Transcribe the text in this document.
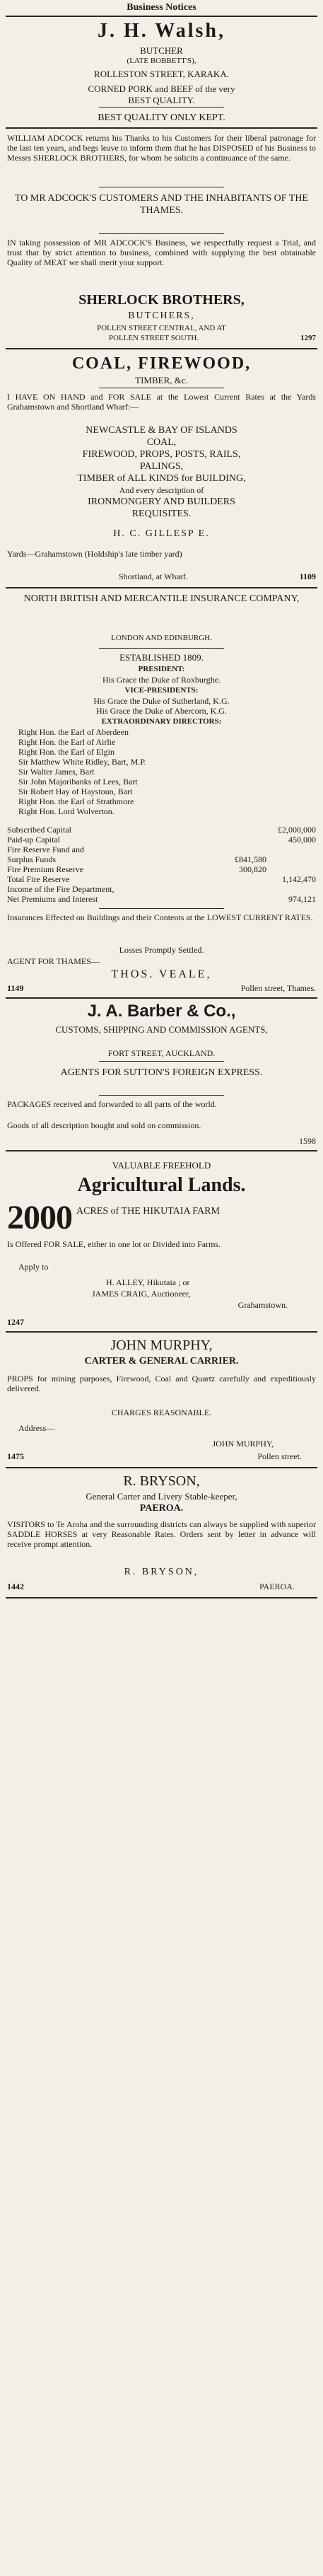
Business Notices
J. H. Walsh,
BUTCHER
(LATE BOBBETT'S),
ROLLESTON STREET, KARAKA.
CORNED PORK and BEEF of the very
BEST QUALITY.
BEST QUALITY ONLY KEPT.
WILLIAM ADCOCK returns his Thanks to his Customers for their liberal patronage for the last ten years, and begs leave to inform them that he has DISPOSED of his Business to Messrs SHERLOCK BROTHERS, for whom he solicits a continuance of the same.
TO MR ADCOCK'S CUSTOMERS AND THE INHABITANTS OF THE THAMES.
IN taking possession of MR ADCOCK'S Business, we respectfully request a Trial, and trust that by strict attention to business, combined with supplying the best obtainable Quality of MEAT we shall merit your support.
SHERLOCK BROTHERS,
BUTCHERS,
POLLEN STREET CENTRAL, AND AT
POLLEN STREET SOUTH.	1297
COAL, FIREWOOD,
TIMBER, &c.
I HAVE ON HAND and FOR SALE at the Lowest Current Rates at the Yards Grahamstown and Shortland Wharf:—
NEWCASTLE & BAY OF ISLANDS
COAL,
FIREWOOD, PROPS, POSTS, RAILS,
PALINGS,
TIMBER of ALL KINDS for BUILDING,
And every description of
IRONMONGERY AND BUILDERS
REQUISITES.
H. C. GILLESP E.
Yards—Grahamstown (Holdship's late timber yard)
Shortland, at Wharf.	1109
NORTH BRITISH AND MERCANTILE INSURANCE COMPANY,
LONDON AND EDINBURGH.
ESTABLISHED 1809.
PRESIDENT:
His Grace the Duke of Roxburghe.
VICE-PRESIDENTS:
His Grace the Duke of Sutherland, K.G.
His Grace the Duke of Abercorn, K.G.
EXTRAORDINARY DIRECTORS:
Right Hon. the Earl of Aberdeen
Right Hon. the Earl of Airlie
Right Hon. the Earl of Elgin
Sir Matthew White Ridley, Bart, M.P.
Sir Walter James, Bart
Sir John Majoribanks of Lees, Bart
Sir Robert Hay of Haystoun, Bart
Right Hon. the Earl of Strathmore
Right Hon. Lord Wolverton.
Subscribed Capital		£2,000,000
Paid-up Capital		450,000
Fire Reserve Fund and		
Surplus Funds	£841,580	
Fire Premium Reserve	300,820	
Total Fire Reserve		1,142,470
Income of the Fire Department,		
Net Premiums and Interest		974,121
Insurances Effected on Buildings and their Contents at the LOWEST CURRENT RATES.
Losses Promptly Settled.
AGENT FOR THAMES—
THOS. VEALE,
1149	Pollen street, Thames.
J. A. Barber & Co.,
CUSTOMS, SHIPPING AND COMMISSION AGENTS,
FORT STREET, AUCKLAND.
AGENTS FOR SUTTON'S FOREIGN EXPRESS.
PACKAGES received and forwarded to all parts of the world.
Goods of all description bought and sold on commission.
1598
VALUABLE FREEHOLD
Agricultural Lands.
2000 ACRES of THE HIKUTAIA FARM
Is Offered FOR SALE, either in one lot or Divided into Farms.
Apply to
H. ALLEY, Hikutaia ; or
JAMES CRAIG, Auctioneer,
Grahamstown.
1247
JOHN MURPHY,
CARTER & GENERAL CARRIER.
PROPS for mining purposes, Firewood, Coal and Quartz carefully and expeditiously delivered.
CHARGES REASONABLE.
Address—
JOHN MURPHY,
1475	Pollen street.
R. BRYSON,
General Carter and Livery Stable-keeper,
PAEROA.
VISITORS to Te Aroha and the surrounding districts can always be supplied with superior SADDLE HORSES at very Reasonable Rates. Orders sent by letter in advance will receive prompt attention.
R. BRYSON,
1442	PAEROA.
